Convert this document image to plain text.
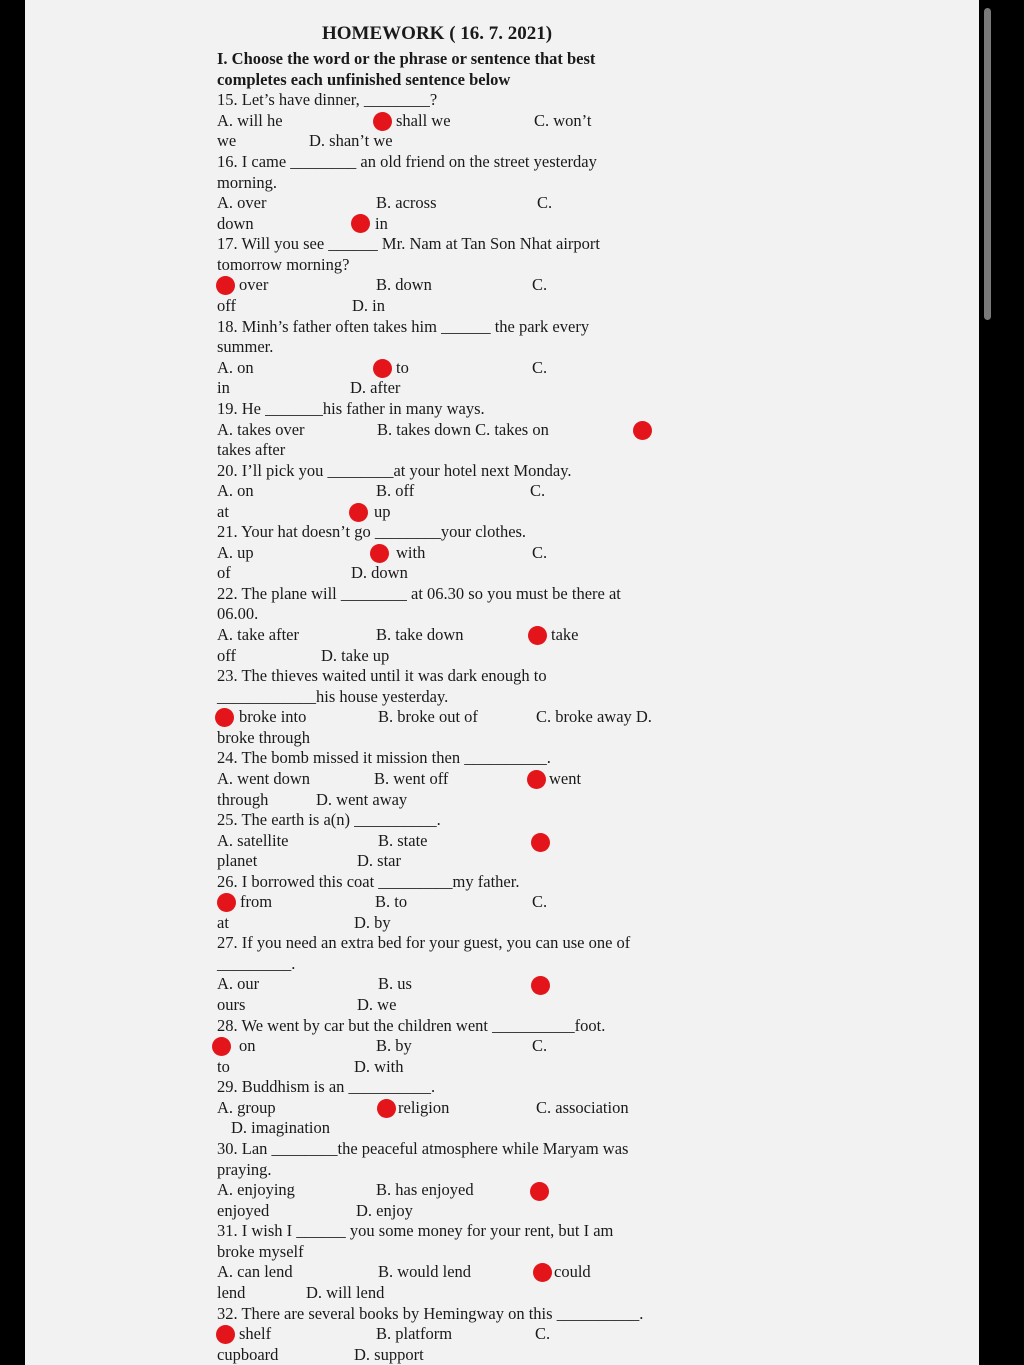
HOMEWORK ( 16. 7. 2021)
I. Choose the word or the phrase or sentence that best
completes each unfinished sentence below
15. Let’s have dinner, ________?
A. will he	shall we	C. won’t
we	D. shan’t we
16. I came ________ an old friend on the street yesterday
morning.
A. over	B. across	C.
down	in
17. Will you see ______ Mr. Nam at Tan Son Nhat airport
tomorrow morning?
over	B. down	C.
off	D. in
18. Minh’s father often takes him ______ the park every
summer.
A. on	to	C.
in	D. after
19. He _______his father in many ways.
A. takes over	B. takes down C. takes on
takes after
20. I’ll pick you ________at your hotel next Monday.
A. on	B. off	C.
at	up
21. Your hat doesn’t go ________your clothes.
A. up	with	C.
of	D. down
22. The plane will ________ at 06.30 so you must be there at
06.00.
A. take after	B. take down	take
off	D. take up
23. The thieves waited until it was dark enough to
____________his house yesterday.
broke into	B. broke out of	C. broke away D.
broke through
24. The bomb missed it mission then __________.
A. went down	B. went off	went
through	D. went away
25. The earth is a(n) __________.
A. satellite	B. state
planet	D. star
26. I borrowed this coat _________my father.
from	B. to	C.
at	D. by
27. If you need an extra bed for your guest, you can use one of
_________.
A. our	B. us
ours	D. we
28. We went by car but the children went __________foot.
on	B. by	C.
to	D. with
29. Buddhism is an __________.
A. group	religion	C. association
D. imagination
30. Lan ________the peaceful atmosphere while Maryam was
praying.
A. enjoying	B. has enjoyed
enjoyed	D. enjoy
31. I wish I ______ you some money for your rent, but I am
broke myself
A. can lend	B. would lend	could
lend	D. will lend
32. There are several books by Hemingway on this __________.
shelf	B. platform	C.
cupboard	D. support
